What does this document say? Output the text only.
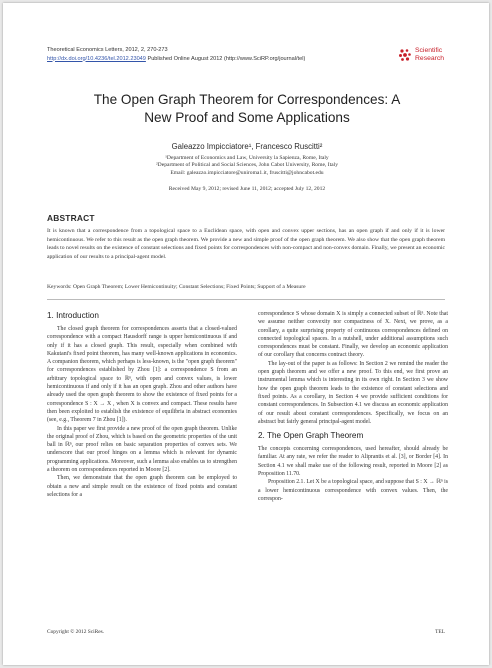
Theoretical Economics Letters, 2012, 2, 270-273
http://dx.doi.org/10.4236/tel.2012.23049 Published Online August 2012 (http://www.SciRP.org/journal/tel)
Scientific
Research
The Open Graph Theorem for Correspondences: A
New Proof and Some Applications
Galeazzo Impicciatore¹, Francesco Ruscitti²
¹Department of Economics and Law, University la Sapienza, Rome, Italy
²Department of Political and Social Sciences, John Cabot University, Rome, Italy
Email: galeazzo.impicciatore@uniroma1.it, fruscitti@johncabot.edu
Received May 9, 2012; revised June 11, 2012; accepted July 12, 2012
ABSTRACT
It is known that a correspondence from a topological space to a Euclidean space, with open and convex upper sections, has an open graph if and only if it is lower hemicontinuous. We refer to this result as the open graph theorem. We provide a new and simple proof of the open graph theorem. We also show that the open graph theorem leads to novel results on the existence of constant selections and fixed points for correspondences with non-compact and non-convex domain. Finally, we present an economic application of our results to a principal-agent model.
Keywords: Open Graph Theorem; Lower Hemicontinuity; Constant Selections; Fixed Points; Support of a Measure
1. Introduction
The closed graph theorem for correspondences asserts that a closed-valued correspondence with a compact Hausdorff range is upper hemicontinuous if and only if it has a closed graph. This result, especially when combined with Kakutani's fixed point theorem, has many well-known applications in economics. A companion theorem, which perhaps is less-known, is the "open graph theorem" for correspondences established by Zhou [1]: a correspondence S from an arbitrary topological space to ℝⁿ, with open and convex values, is lower hemicontinuous if and only if it has an open graph. Zhou and other authors have already used the open graph theorem to show the existence of fixed points for a correspondence S : X → X , when X is convex and compact. These results have then been exploited to establish the existence of equilibria in abstract economies (see, e.g., Theorem 7 in Zhou [1]).
In this paper we first provide a new proof of the open graph theorem. Unlike the original proof of Zhou, which is based on the geometric properties of the unit ball in ℝⁿ, our proof relies on basic separation properties of convex sets. We underscore that our proof hinges on a lemma which is relevant for dynamic programming applications. Moreover, such a lemma also enables us to strengthen a theorem on correspondences reported in Moore [2].
Then, we demonstrate that the open graph theorem can be employed to obtain a new and simple result on the existence of fixed points and constant selections for a
correspondence S whose domain X is simply a connected subset of ℝⁿ. Note that we assume neither convexity nor compactness of X. Next, we prove, as a corollary, a quite surprising property of continuous correspondences defined on connected topological spaces. In a nutshell, under additional assumptions such correspondences must be constant. Finally, we develop an economic application of our corollary that concerns contract theory.
The lay-out of the paper is as follows: In Section 2 we remind the reader the open graph theorem and we offer a new proof. To this end, we first prove an instrumental lemma which is interesting in its own right. In Section 3 we show how the open graph theorem leads to the existence of constant selections and fixed points. As a corollary, in Section 4 we provide sufficient conditions for constant correspondences. In Subsection 4.1 we discuss an economic application of our result about constant correspondences. Specifically, we focus on an abstract but fairly general principal-agent model.
2. The Open Graph Theorem
The concepts concerning correspondences, used hereafter, should already be familiar. At any rate, we refer the reader to Aliprantis et al. [3], or Border [4]. In Section 4.1 we shall make use of the following result, reported in Moore [2] as Proposition 11.70.
Proposition 2.1. Let X be a topological space, and suppose that S : X → ℝⁿ is a lower hemicontinuous correspondence with convex values. Then, the correspon-
Copyright © 2012 SciRes.	TEL
